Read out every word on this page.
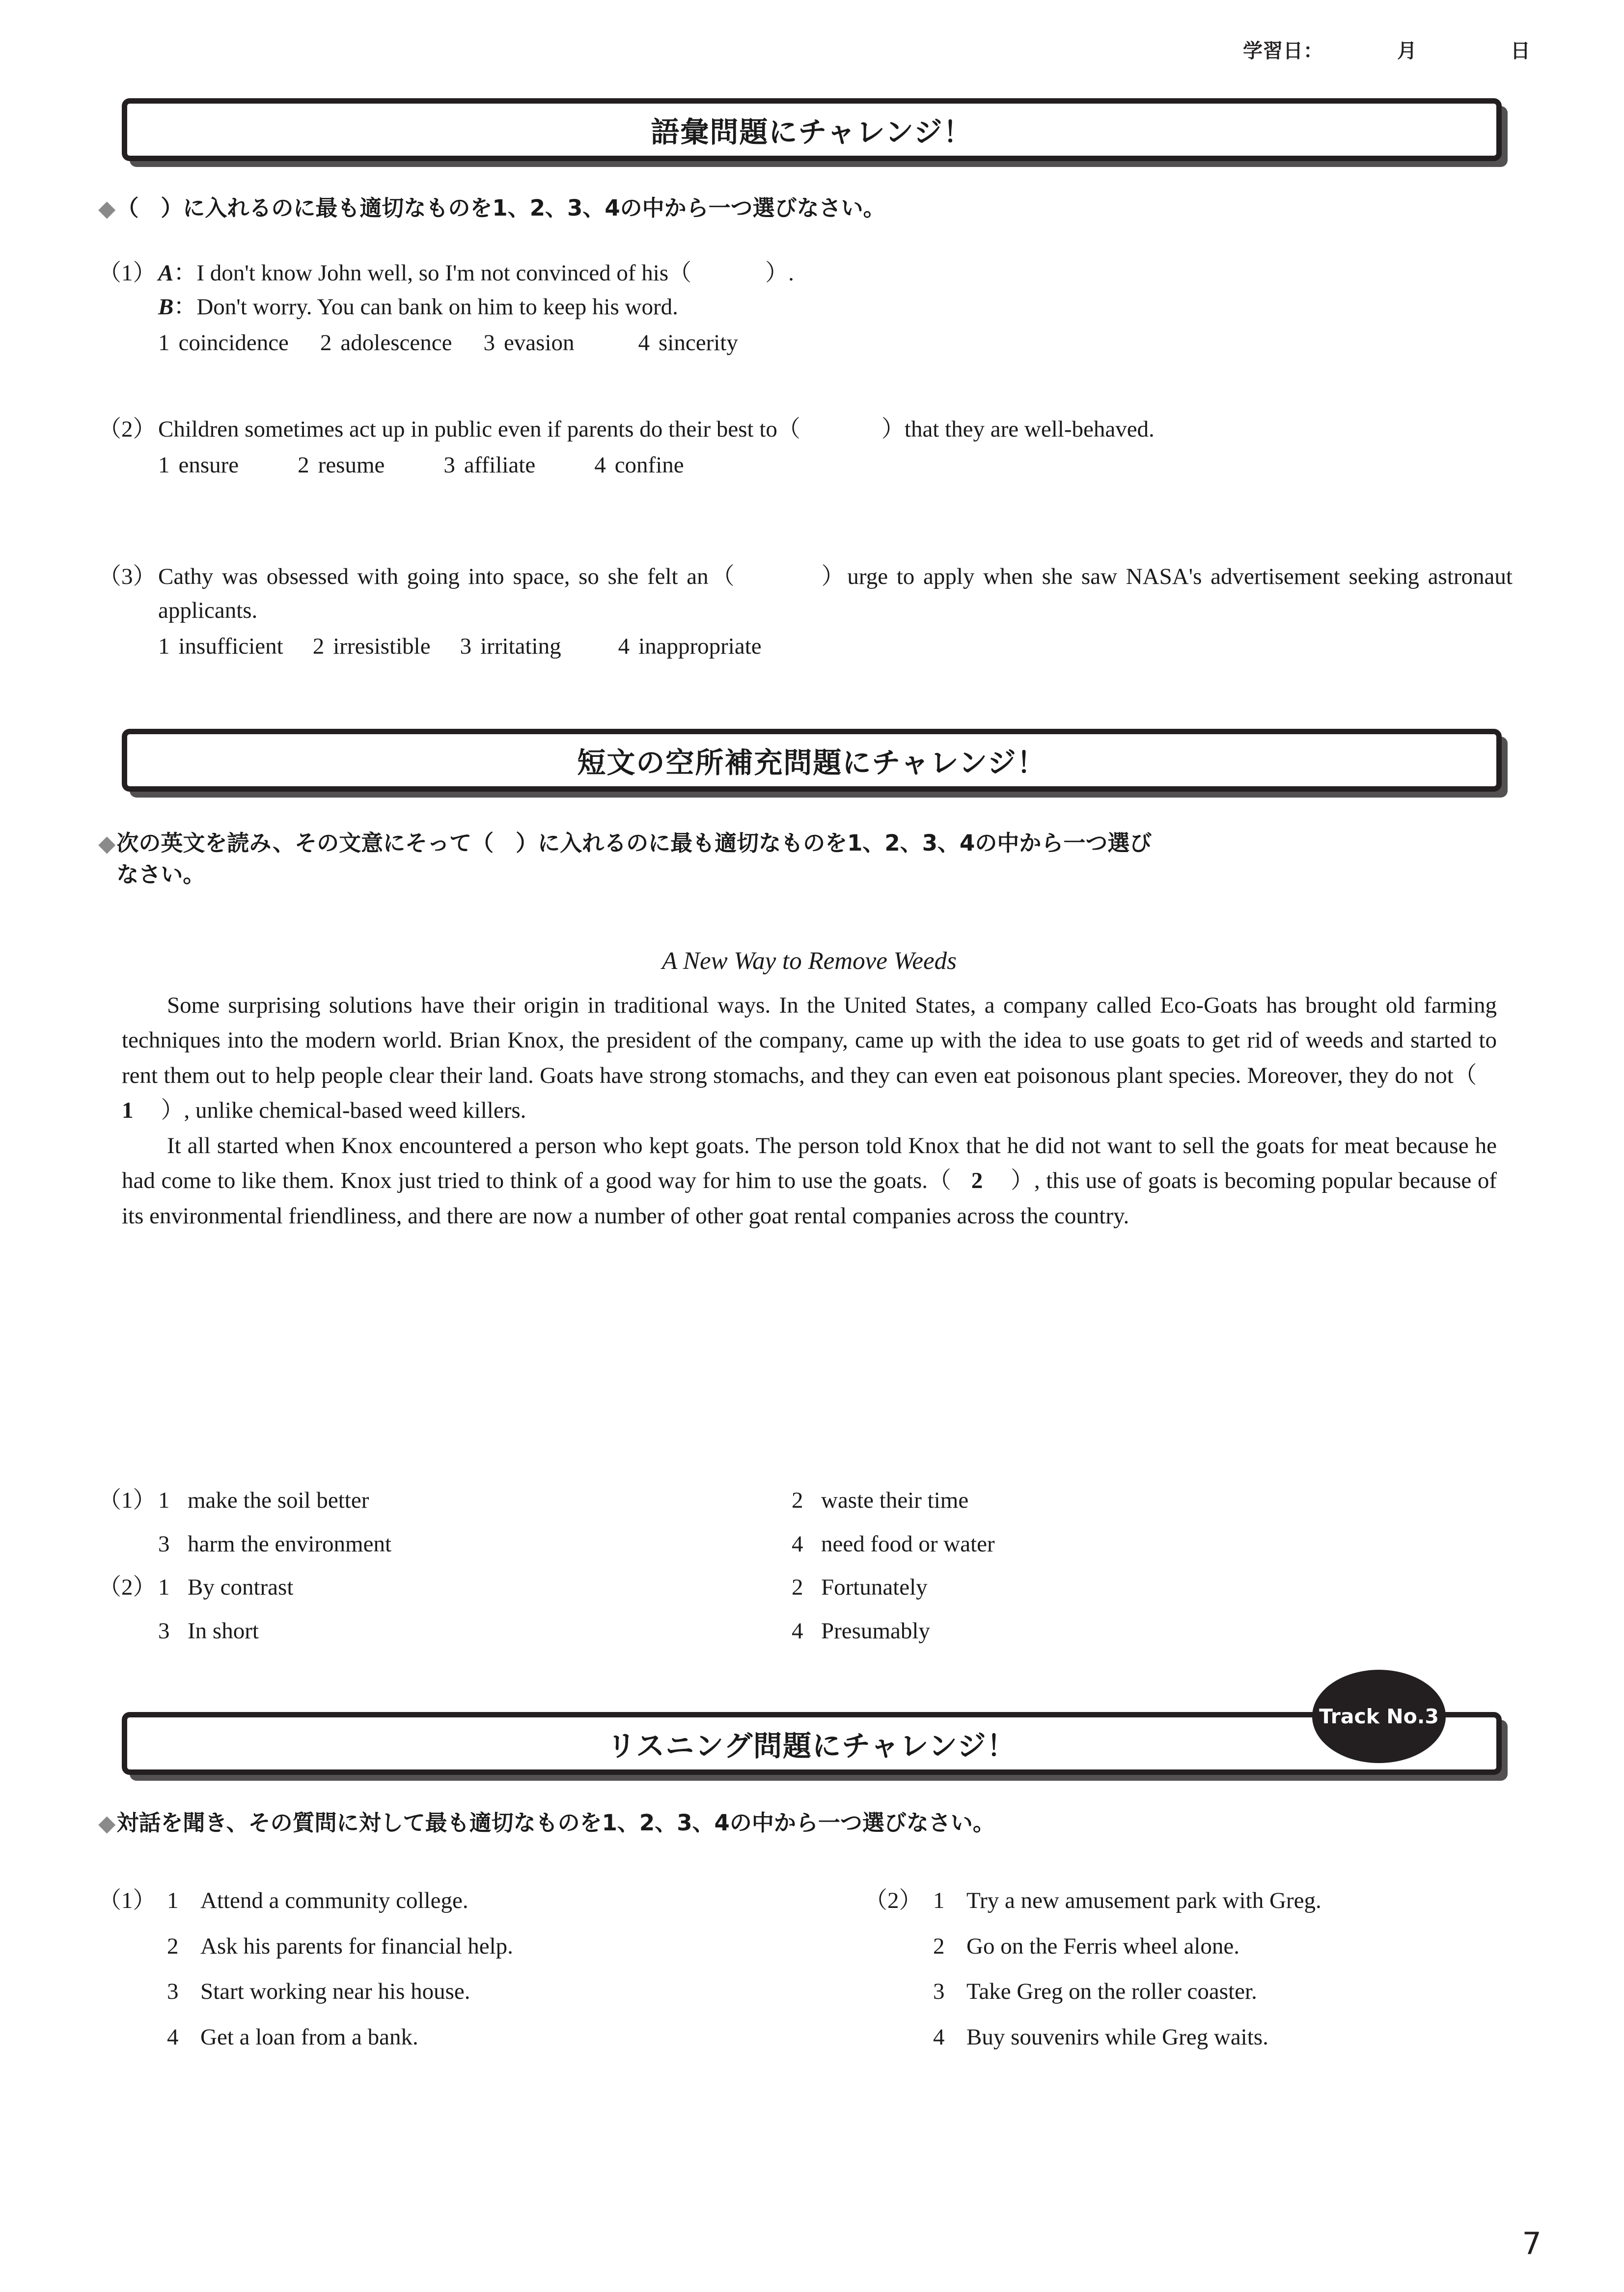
学習日：	月	日
語彙問題にチャレンジ！
◆ （　）に入れるのに最も適切なものを1、2、3、4の中から一つ選びなさい。
（1） A：I don't know John well, so I'm not convinced of his（	）.
B：Don't worry. You can bank on him to keep his word.
1 coincidence 2 adolescence 3 evasion	4 sincerity
（2） Children sometimes act up in public even if parents do their best to（	）that they are well-behaved.
1 ensure	2 resume	3 affiliate	4 confine
（3） Cathy was obsessed with going into space, so she felt an（	）urge to apply when she saw NASA's advertisement seeking astronaut applicants.
1 insufficient 2 irresistible 3 irritating 4 inappropriate
短文の空所補充問題にチャレンジ！
◆ 次の英文を読み、その文意にそって（　）に入れるのに最も適切なものを1、2、3、4の中から一つ選び
なさい。
A New Way to Remove Weeds

Some surprising solutions have their origin in traditional ways. In the United States, a company called Eco-Goats has brought old farming techniques into the modern world. Brian Knox, the president of the company, came up with the idea to use goats to get rid of weeds and started to rent them out to help people clear their land. Goats have strong stomachs, and they can even eat poisonous plant species. Moreover, they do not（1 ）, unlike chemical-based weed killers.

It all started when Knox encountered a person who kept goats. The person told Knox that he did not want to sell the goats for meat because he had come to like them. Knox just tried to think of a good way for him to use the goats.（ 2 ）, this use of goats is becoming popular because of its environmental friendliness, and there are now a number of other goat rental companies across the country.

（1） 1 make the soil better	2 waste their time
3 harm the environment	4 need food or water
（2） 1 By contrast	2 Fortunately
3 In short	4 Presumably
Track No.3
リスニング問題にチャレンジ！
◆ 対話を聞き、その質問に対して最も適切なものを1、2、3、4の中から一つ選びなさい。
（1） 1 Attend a community college.	（2） 1 Try a new amusement park with Greg.
2 Ask his parents for financial help.	2 Go on the Ferris wheel alone.
3 Start working near his house.	3 Take Greg on the roller coaster.
4 Get a loan from a bank.	4 Buy souvenirs while Greg waits.
7
